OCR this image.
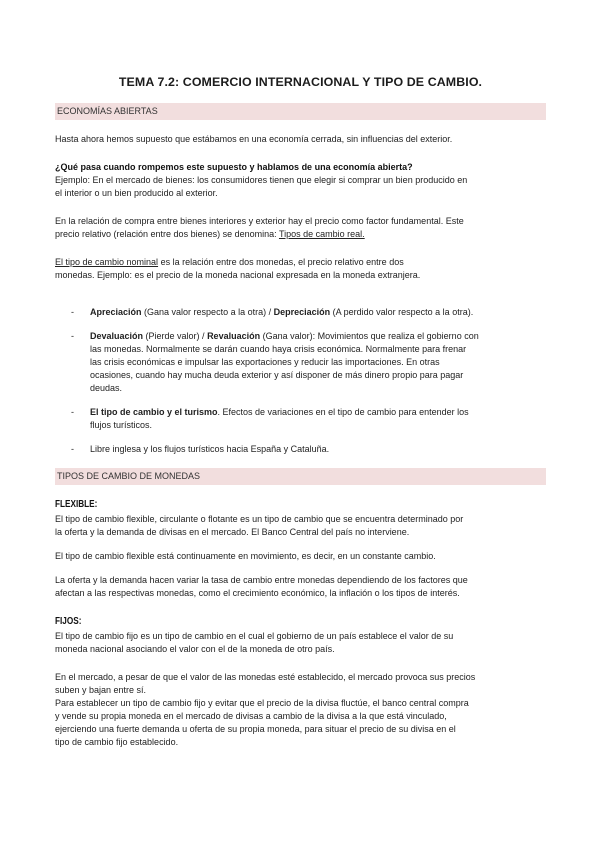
TEMA 7.2: COMERCIO INTERNACIONAL Y TIPO DE CAMBIO.
ECONOMÍAS ABIERTAS

Hasta ahora hemos supuesto que estábamos en una economía cerrada, sin influencias del exterior.

¿Qué pasa cuando rompemos este supuesto y hablamos de una economía abierta?

Ejemplo: En el mercado de bienes: los consumidores tienen que elegir si comprar un bien producido en

el interior o un bien producido al exterior.

En la relación de compra entre bienes interiores y exterior hay el precio como factor fundamental. Este

precio relativo (relación entre dos bienes) se denomina: Tipos de cambio real.

El tipo de cambio nominal es la relación entre dos monedas, el precio relativo entre dos

monedas. Ejemplo: es el precio de la moneda nacional expresada en la moneda extranjera.

- Apreciación (Gana valor respecto a la otra) / Depreciación (A perdido valor respecto a la otra).
- Devaluación (Pierde valor) / Revaluación (Gana valor): Movimientos que realiza el gobierno con
las monedas. Normalmente se darán cuando haya crisis económica. Normalmente para frenar
las crisis económicas e impulsar las exportaciones y reducir las importaciones. En otras
ocasiones, cuando hay mucha deuda exterior y así disponer de más dinero propio para pagar
deudas.
- El tipo de cambio y el turismo. Efectos de variaciones en el tipo de cambio para entender los
flujos turísticos.
- Libre inglesa y los flujos turísticos hacia España y Cataluña.
TIPOS DE CAMBIO DE MONEDAS
FLEXIBLE:

El tipo de cambio flexible, circulante o flotante es un tipo de cambio que se encuentra determinado por

la oferta y la demanda de divisas en el mercado. El Banco Central del país no interviene.

El tipo de cambio flexible está continuamente en movimiento, es decir, en un constante cambio.

La oferta y la demanda hacen variar la tasa de cambio entre monedas dependiendo de los factores que

afectan a las respectivas monedas, como el crecimiento económico, la inflación o los tipos de interés.

FIJOS:

El tipo de cambio fijo es un tipo de cambio en el cual el gobierno de un país establece el valor de su

moneda nacional asociando el valor con el de la moneda de otro país.

En el mercado, a pesar de que el valor de las monedas esté establecido, el mercado provoca sus precios

suben y bajan entre sí.

Para establecer un tipo de cambio fijo y evitar que el precio de la divisa fluctúe, el banco central compra

y vende su propia moneda en el mercado de divisas a cambio de la divisa a la que está vinculado,

ejerciendo una fuerte demanda u oferta de su propia moneda, para situar el precio de su divisa en el

tipo de cambio fijo establecido.
